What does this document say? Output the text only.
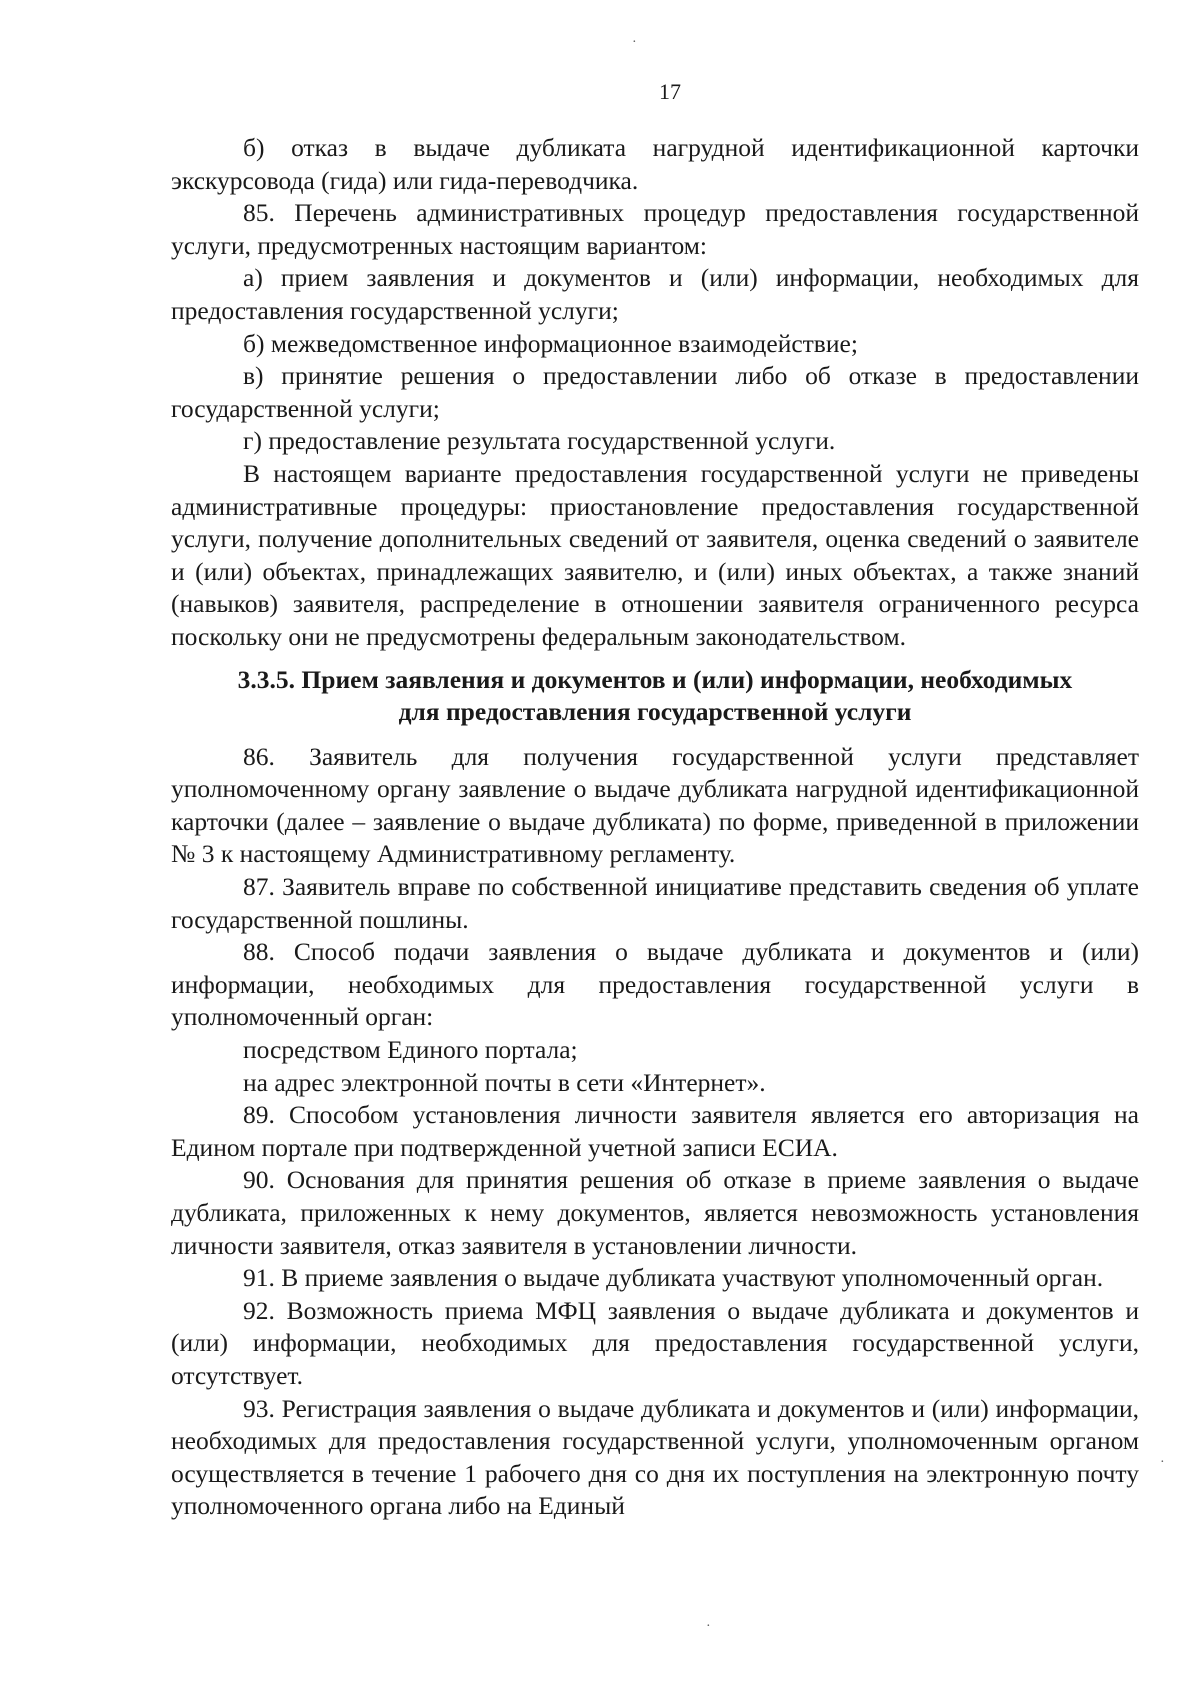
17

б) отказ в выдаче дубликата нагрудной идентификационной карточки экскурсовода (гида) или гида-переводчика.

85. Перечень административных процедур предоставления государственной услуги, предусмотренных настоящим вариантом:

а) прием заявления и документов и (или) информации, необходимых для предоставления государственной услуги;

б) межведомственное информационное взаимодействие;

в) принятие решения о предоставлении либо об отказе в предоставлении государственной услуги;

г) предоставление результата государственной услуги.

В настоящем варианте предоставления государственной услуги не приведены административные процедуры: приостановление предоставления государственной услуги, получение дополнительных сведений от заявителя, оценка сведений о заявителе и (или) объектах, принадлежащих заявителю, и (или) иных объектах, а также знаний (навыков) заявителя, распределение в отношении заявителя ограниченного ресурса поскольку они не предусмотрены федеральным законодательством.

3.3.5. Прием заявления и документов и (или) информации, необходимых
для предоставления государственной услуги

86. Заявитель для получения государственной услуги представляет уполномоченному органу заявление о выдаче дубликата нагрудной идентификационной карточки (далее – заявление о выдаче дубликата) по форме, приведенной в приложении № 3 к настоящему Административному регламенту.

87. Заявитель вправе по собственной инициативе представить сведения об уплате государственной пошлины.

88. Способ подачи заявления о выдаче дубликата и документов и (или) информации, необходимых для предоставления государственной услуги в уполномоченный орган:

посредством Единого портала;

на адрес электронной почты в сети «Интернет».

89. Способом установления личности заявителя является его авторизация на Едином портале при подтвержденной учетной записи ЕСИА.

90. Основания для принятия решения об отказе в приеме заявления о выдаче дубликата, приложенных к нему документов, является невозможность установления личности заявителя, отказ заявителя в установлении личности.

91. В приеме заявления о выдаче дубликата участвуют уполномоченный орган.

92. Возможность приема МФЦ заявления о выдаче дубликата и документов и (или) информации, необходимых для предоставления государственной услуги, отсутствует.

93. Регистрация заявления о выдаче дубликата и документов и (или) информации, необходимых для предоставления государственной услуги, уполномоченным органом осуществляется в течение 1 рабочего дня со дня их поступления на электронную почту уполномоченного органа либо на Единый

·
·
·
